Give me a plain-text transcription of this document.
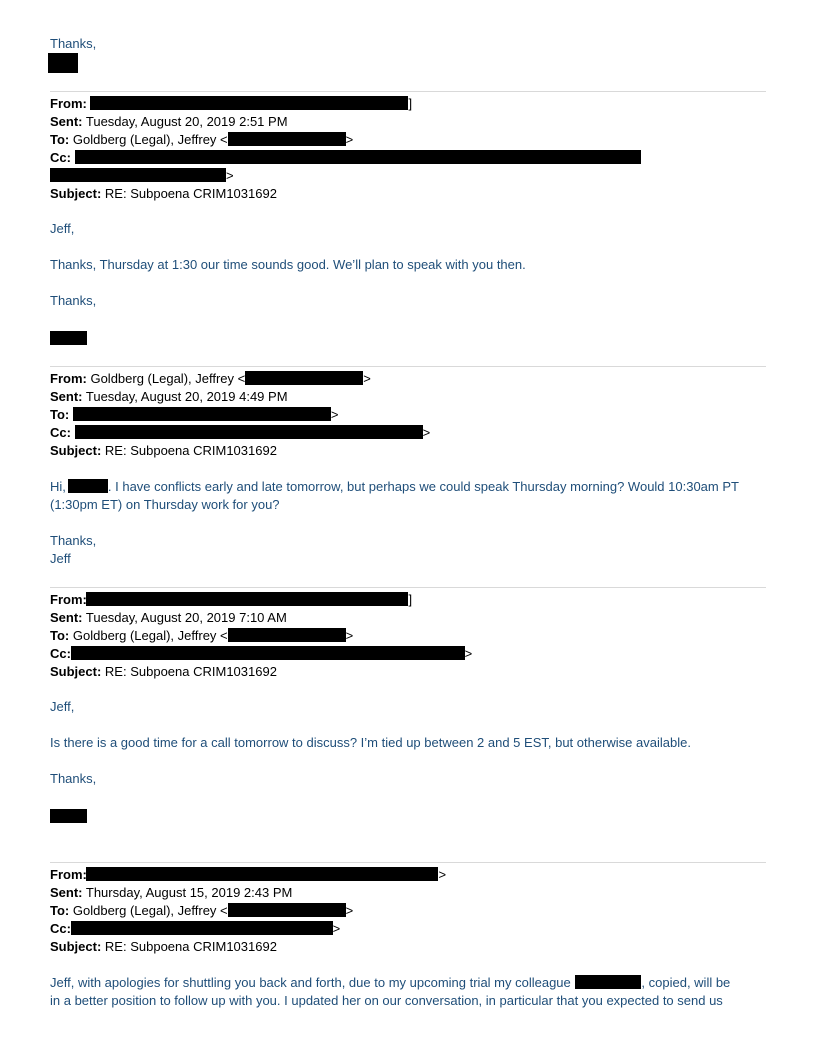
Thanks,
From:	]
Sent: Tuesday, August 20, 2019 2:51 PM
To: Goldberg (Legal), Jeffrey <	>
Cc:
>
Subject: RE: Subpoena CRIM1031692
Jeff,
Thanks, Thursday at 1:30 our time sounds good. We’ll plan to speak with you then.
Thanks,
From: Goldberg (Legal), Jeffrey <	>
Sent: Tuesday, August 20, 2019 4:49 PM
To:	>
Cc:	>
Subject: RE: Subpoena CRIM1031692
Hi,	. I have conflicts early and late tomorrow, but perhaps we could speak Thursday morning? Would 10:30am PT
(1:30pm ET) on Thursday work for you?
Thanks,
Jeff
From:	]
Sent: Tuesday, August 20, 2019 7:10 AM
To: Goldberg (Legal), Jeffrey <	>
Cc:	>
Subject: RE: Subpoena CRIM1031692
Jeff,
Is there is a good time for a call tomorrow to discuss? I’m tied up between 2 and 5 EST, but otherwise available.
Thanks,
From:	>
Sent: Thursday, August 15, 2019 2:43 PM
To: Goldberg (Legal), Jeffrey <	>
Cc:	>
Subject: RE: Subpoena CRIM1031692
Jeff, with apologies for shuttling you back and forth, due to my upcoming trial my colleague	, copied, will be
in a better position to follow up with you. I updated her on our conversation, in particular that you expected to send us
